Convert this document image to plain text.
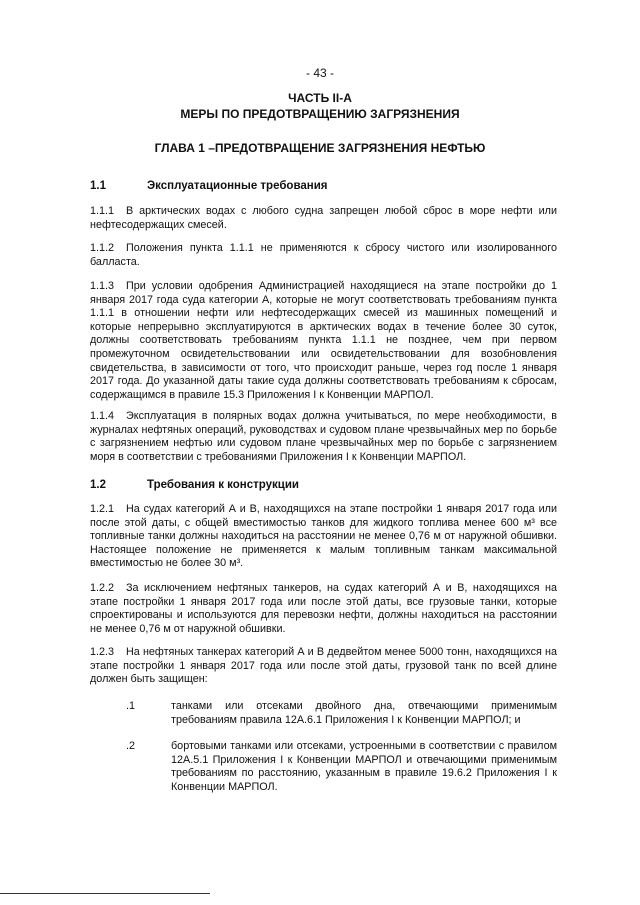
- 43 -
ЧАСТЬ II-А
МЕРЫ ПО ПРЕДОТВРАЩЕНИЮ ЗАГРЯЗНЕНИЯ
ГЛАВА 1 –ПРЕДОТВРАЩЕНИЕ ЗАГРЯЗНЕНИЯ НЕФТЬЮ
1.1	Эксплуатационные требования
1.1.1 В арктических водах с любого судна запрещен любой сброс в море нефти или нефтесодержащих смесей.
1.1.2 Положения пункта 1.1.1 не применяются к сбросу чистого или изолированного балласта.
1.1.3 При условии одобрения Администрацией находящиеся на этапе постройки до 1 января 2017 года суда категории А, которые не могут соответствовать требованиям пункта 1.1.1 в отношении нефти или нефтесодержащих смесей из машинных помещений и которые непрерывно эксплуатируются в арктических водах в течение более 30 суток, должны соответствовать требованиям пункта 1.1.1 не позднее, чем при первом промежуточном освидетельствовании или освидетельствовании для возобновления свидетельства, в зависимости от того, что происходит раньше, через год после 1 января 2017 года. До указанной даты такие суда должны соответствовать требованиям к сбросам, содержащимся в правиле 15.3 Приложения I к Конвенции МАРПОЛ.
1.1.4 Эксплуатация в полярных водах должна учитываться, по мере необходимости, в журналах нефтяных операций, руководствах и судовом плане чрезвычайных мер по борьбе с загрязнением нефтью или судовом плане чрезвычайных мер по борьбе с загрязнением моря в соответствии с требованиями Приложения I к Конвенции МАРПОЛ.
1.2	Требования к конструкции
1.2.1 На судах категорий А и В, находящихся на этапе постройки 1 января 2017 года или после этой даты, с общей вместимостью танков для жидкого топлива менее 600 м³ все топливные танки должны находиться на расстоянии не менее 0,76 м от наружной обшивки. Настоящее положение не применяется к малым топливным танкам максимальной вместимостью не более 30 м³.
1.2.2 За исключением нефтяных танкеров, на судах категорий А и В, находящихся на этапе постройки 1 января 2017 года или после этой даты, все грузовые танки, которые спроектированы и используются для перевозки нефти, должны находиться на расстоянии не менее 0,76 м от наружной обшивки.
1.2.3 На нефтяных танкерах категорий А и В дедвейтом менее 5000 тонн, находящихся на этапе постройки 1 января 2017 года или после этой даты, грузовой танк по всей длине должен быть защищен:
.1	танками или отсеками двойного дна, отвечающими применимым требованиям правила 12А.6.1 Приложения I к Конвенции МАРПОЛ; и
.2	бортовыми танками или отсеками, устроенными в соответствии с правилом 12А.5.1 Приложения I к Конвенции МАРПОЛ и отвечающими применимым требованиям по расстоянию, указанным в правиле 19.6.2 Приложения I к Конвенции МАРПОЛ.
